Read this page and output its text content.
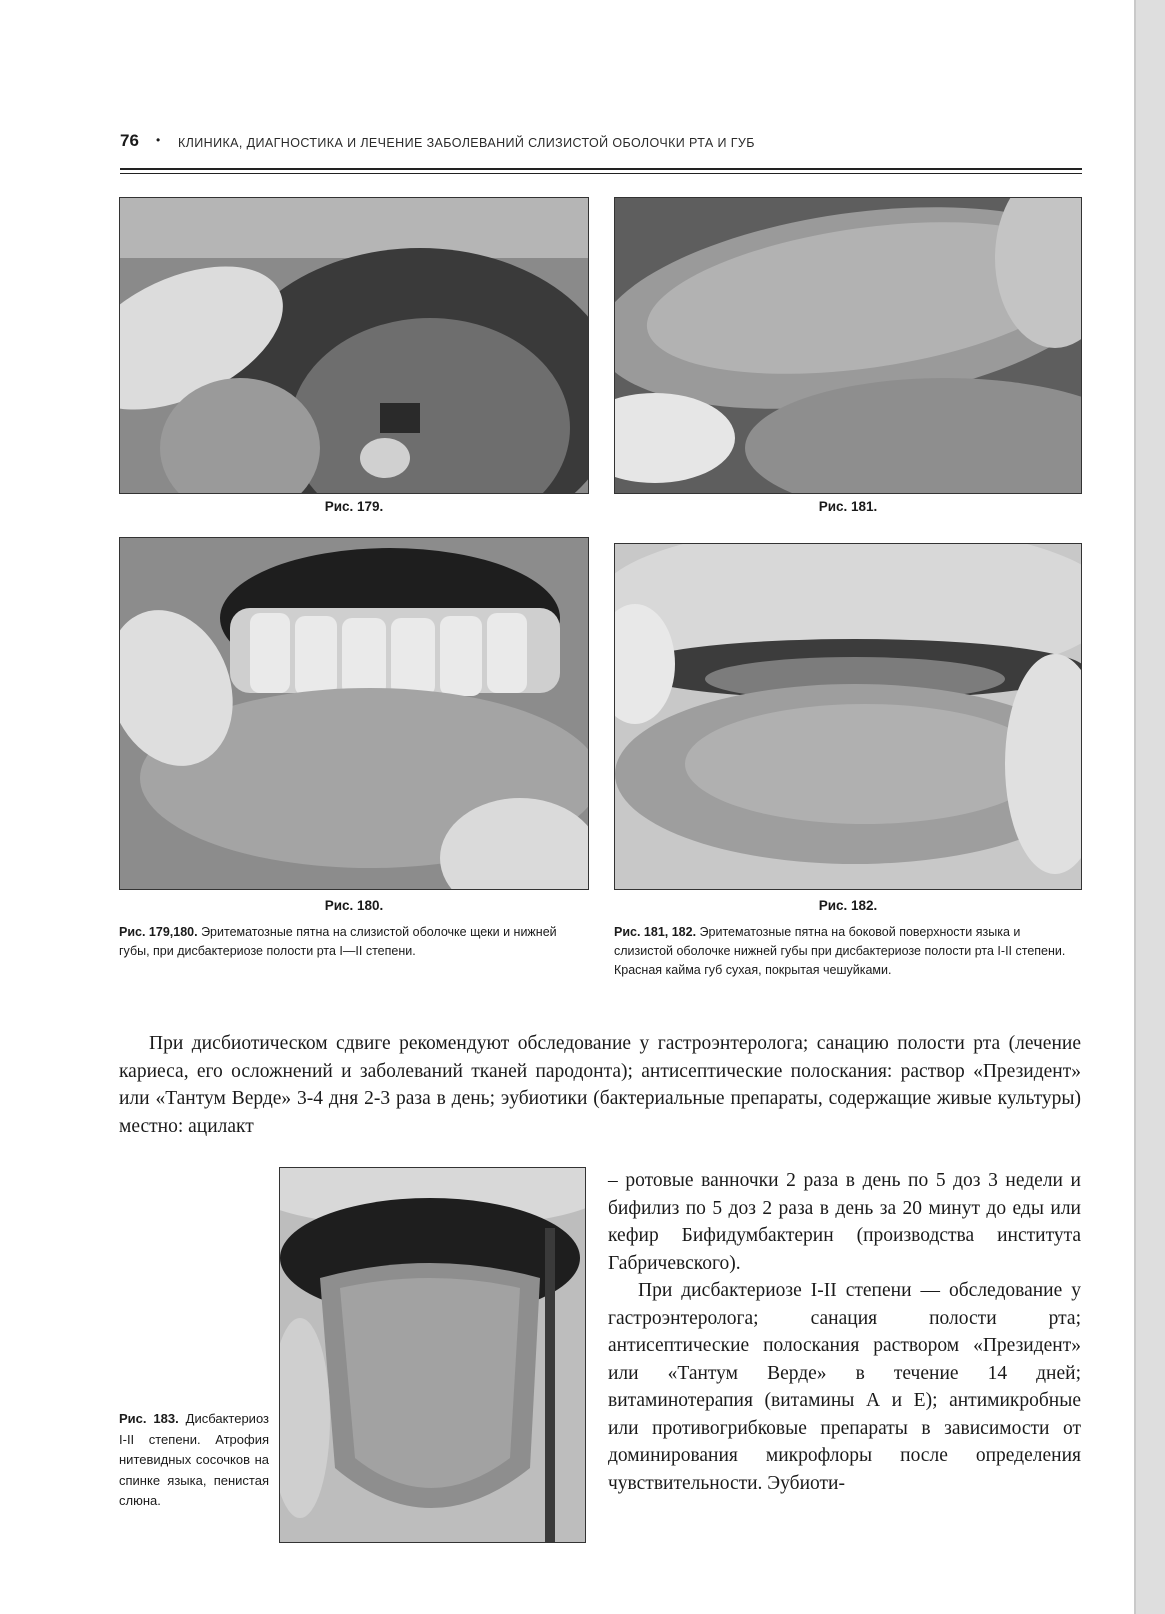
76 • КЛИНИКА, ДИАГНОСТИКА И ЛЕЧЕНИЕ ЗАБОЛЕВАНИЙ СЛИЗИСТОЙ ОБОЛОЧКИ РТА И ГУБ
Рис. 179.	Рис. 181.
Рис. 180.	Рис. 182.
Рис. 179,180. Эритематозные пятна на слизистой оболочке щеки и нижней губы, при дисбактериозе полости рта I—II степени.
Рис. 181, 182. Эритематозные пятна на боковой поверхности языка и слизистой оболочке нижней губы при дисбактериозе полости рта I-II степени. Красная кайма губ сухая, покрытая чешуйками.

При дисбиотическом сдвиге рекомендуют обследование у гастроэнтеролога; санацию полости рта (лечение кариеса, его осложнений и заболеваний тканей пародонта); антисептические полоскания: раствор «Президент» или «Тантум Верде» 3-4 дня 2-3 раза в день; эубиотики (бактериальные препараты, содержащие живые культуры) местно: ацилакт

Рис. 183. Дисбактериоз I-II степени. Атрофия нитевидных сосочков на спинке языка, пенистая слюна.

– ротовые ванночки 2 раза в день по 5 доз 3 недели и бифилиз по 5 доз 2 раза в день за 20 минут до еды или кефир Бифидумбактерин (производства института Габричевского).

При дисбактериозе I-II степени — обследование у гастроэнтеролога; санация полости рта; антисептические полоскания раствором «Президент» или «Тантум Верде» в течение 14 дней; витаминотерапия (витамины А и Е); антимикробные или противогрибковые препараты в зависимости от доминирования микрофлоры после определения чувствительности. Эубиоти-
